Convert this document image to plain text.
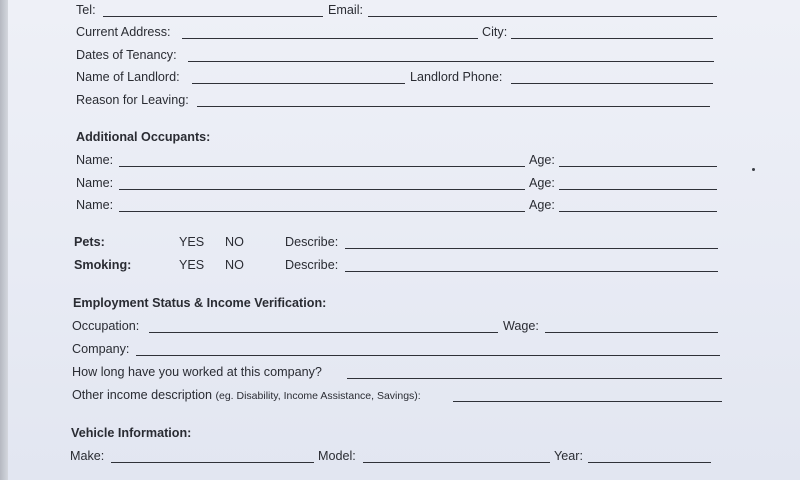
Tel:	Email:
Current Address:	City:
Dates of Tenancy:
Name of Landlord:	Landlord Phone:
Reason for Leaving:
Additional Occupants:
Name:	Age:
Name:	Age:
Name:	Age:
Pets:	YES NO	Describe:
Smoking:	YES NO	Describe:
Employment Status & Income Verification:
Occupation:	Wage:
Company:
How long have you worked at this company?
Other income description (eg. Disability, Income Assistance, Savings):
Vehicle Information:
Make:	Model:	Year:
